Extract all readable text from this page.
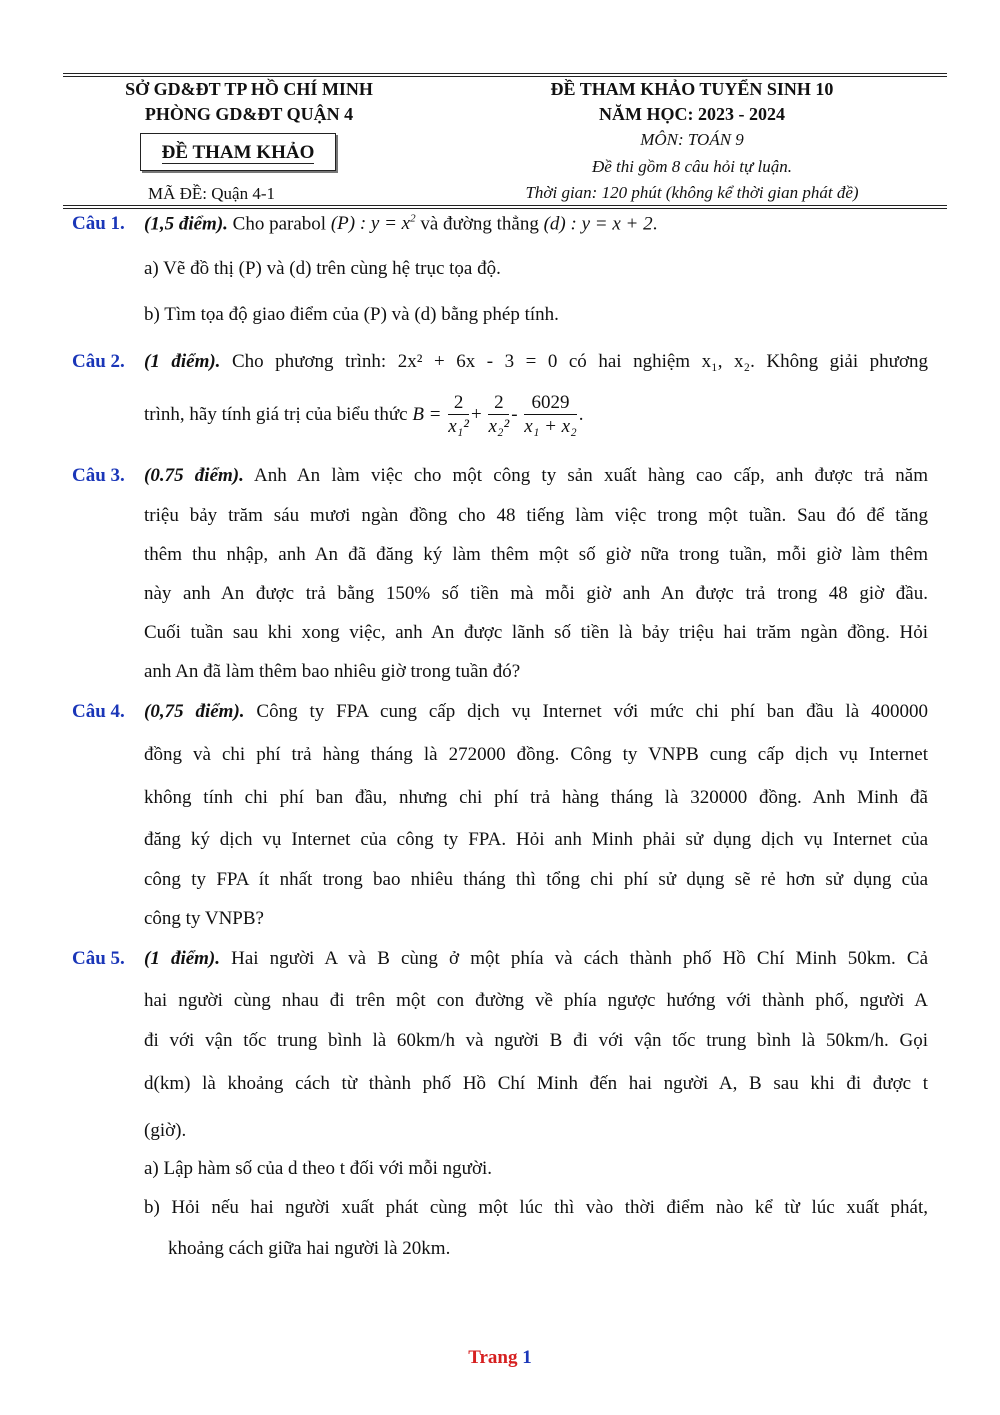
SỞ GD&ĐT TP HỒ CHÍ MINH
PHÒNG GD&ĐT QUẬN 4
ĐỀ THAM KHẢO
MÃ ĐỀ: Quận 4-1
ĐỀ THAM KHẢO TUYỂN SINH 10
NĂM HỌC: 2023 - 2024
MÔN: TOÁN 9
Đề thi gồm 8 câu hỏi tự luận.
Thời gian: 120 phút (không kể thời gian phát đề)
Câu 1. (1,5 điểm). Cho parabol (P) : $y = x^2$ và đường thẳng (d) : y = x + 2.
a) Vẽ đồ thị (P) và (d) trên cùng hệ trục tọa độ.
b) Tìm tọa độ giao điểm của (P) và (d) bằng phép tính.
Câu 2. (1 điểm). Cho phương trình: 2x² + 6x - 3 = 0 có hai nghiệm x₁, x₂. Không giải phương
trình, hãy tính giá trị của biểu thức $B = \frac{2}{\text{x₁²}} + \frac{2}{\text{x₂²}} - \frac{6029}{\text{x₁ + x₂}}$ .
Câu 3. (0.75 điểm). Anh An làm việc cho một công ty sản xuất hàng cao cấp, anh được trả năm
triệu bảy trăm sáu mươi ngàn đồng cho 48 tiếng làm việc trong một tuần. Sau đó để tăng
thêm thu nhập, anh An đã đăng ký làm thêm một số giờ nữa trong tuần, mỗi giờ làm thêm
này anh An được trả bằng 150% số tiền mà mỗi giờ anh An được trả trong 48 giờ đầu.
Cuối tuần sau khi xong việc, anh An được lãnh số tiền là bảy triệu hai trăm ngàn đồng. Hỏi
anh An đã làm thêm bao nhiêu giờ trong tuần đó?
Câu 4. (0,75 điểm). Công ty FPA cung cấp dịch vụ Internet với mức chi phí ban đầu là 400000
đồng và chi phí trả hàng tháng là 272000 đồng. Công ty VNPB cung cấp dịch vụ Internet
không tính chi phí ban đầu, nhưng chi phí trả hàng tháng là 320000 đồng. Anh Minh đã
đăng ký dịch vụ Internet của công ty FPA. Hỏi anh Minh phải sử dụng dịch vụ Internet của
công ty FPA ít nhất trong bao nhiêu tháng thì tổng chi phí sử dụng sẽ rẻ hơn sử dụng của
công ty VNPB?
Câu 5. (1 điểm). Hai người A và B cùng ở một phía và cách thành phố Hồ Chí Minh 50km. Cả
hai người cùng nhau đi trên một con đường về phía ngược hướng với thành phố, người A
đi với vận tốc trung bình là 60km/h và người B đi với vận tốc trung bình là 50km/h. Gọi
d(km) là khoảng cách từ thành phố Hồ Chí Minh đến hai người A, B sau khi đi được t
(giờ).
a) Lập hàm số của d theo t đối với mỗi người.
b) Hỏi nếu hai người xuất phát cùng một lúc thì vào thời điểm nào kể từ lúc xuất phát,
khoảng cách giữa hai người là 20km.
Trang 1
